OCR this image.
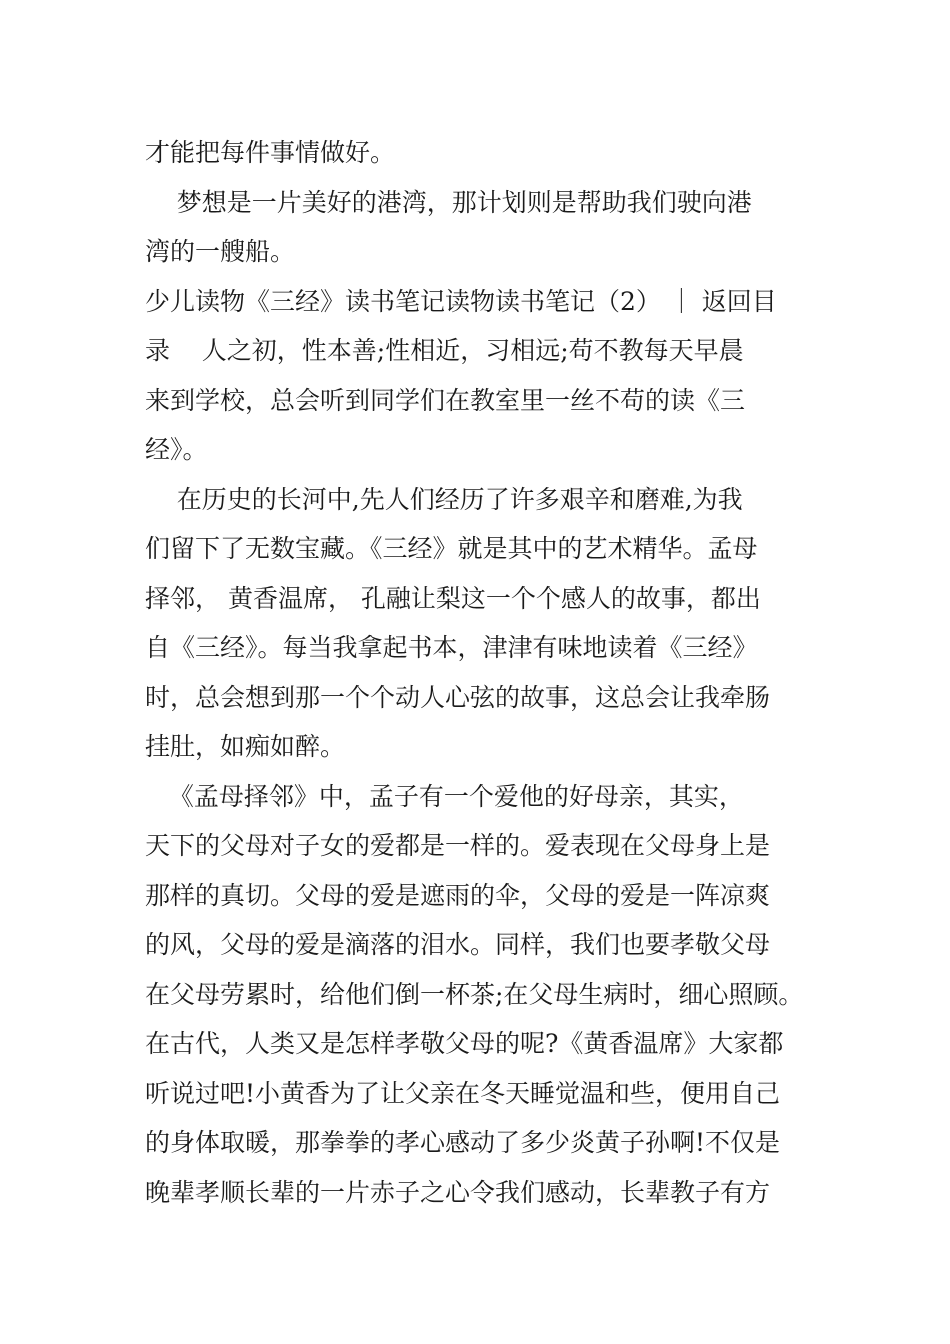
才能把每件事情做好。
梦想是一片美好的港湾，那计划则是帮助我们驶向港
湾的一艘船。
少儿读物《三经》读书笔记读物读书笔记（2） ｜ 返回目
录    人之初，性本善;性相近，习相远;苟不教每天早晨
来到学校，总会听到同学们在教室里一丝不苟的读《三
经》。
在历史的长河中,先人们经历了许多艰辛和磨难,为我
们留下了无数宝藏。《三经》就是其中的艺术精华。孟母
择邻， 黄香温席， 孔融让梨这一个个感人的故事，都出
自《三经》。每当我拿起书本，津津有味地读着《三经》
时，总会想到那一个个动人心弦的故事，这总会让我牵肠
挂肚，如痴如醉。
《孟母择邻》中，孟子有一个爱他的好母亲，其实，
天下的父母对子女的爱都是一样的。爱表现在父母身上是
那样的真切。父母的爱是遮雨的伞，父母的爱是一阵凉爽
的风，父母的爱是滴落的泪水。同样，我们也要孝敬父母
在父母劳累时，给他们倒一杯茶;在父母生病时，细心照顾。
在古代，人类又是怎样孝敬父母的呢?《黄香温席》大家都
听说过吧!小黄香为了让父亲在冬天睡觉温和些，便用自己
的身体取暖，那拳拳的孝心感动了多少炎黄子孙啊!不仅是
晚辈孝顺长辈的一片赤子之心令我们感动，长辈教子有方
